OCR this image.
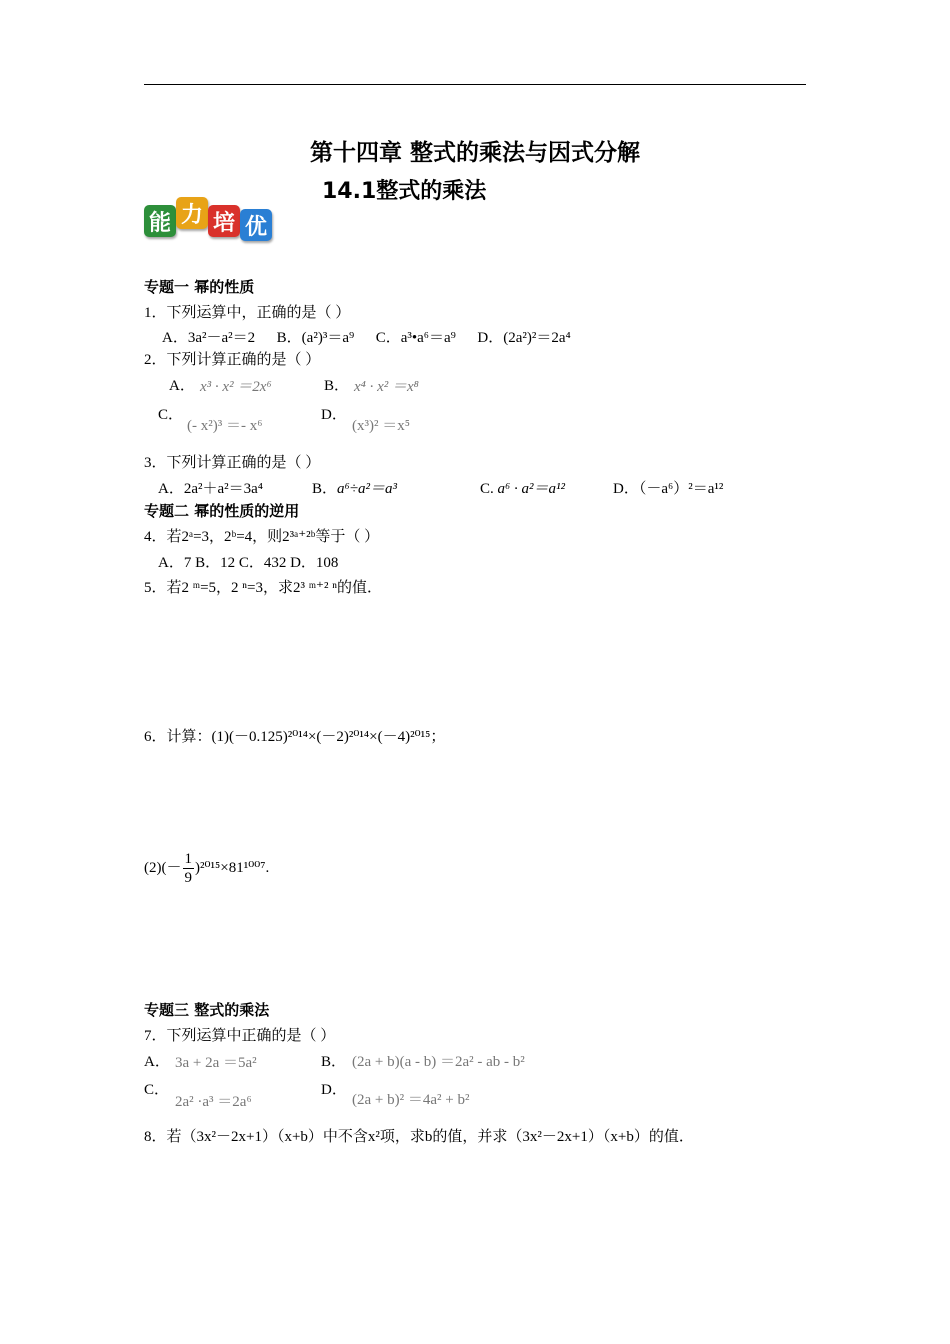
第十四章 整式的乘法与因式分解
14.1整式的乘法
能 力 培 优
专题一 幂的性质
1．下列运算中，正确的是（ ）
A．3a²－a²＝2 B．(a²)³＝a⁹ C．a³•a⁶＝a⁹ D．(2a²)²＝2a⁴
2．下列计算正确的是（ ）
A． x³ · x² ＝2x⁶	B． x⁴ · x² ＝x⁸
C．
(- x²)³ ＝- x⁶
D．
(x³)² ＝x⁵
3．下列计算正确的是（ ）
A．2a²＋a²＝3a⁴	B．a⁶÷a²＝a³	C. a⁶ · a²＝a¹²	D．（－a⁶）²＝a¹²
专题二 幂的性质的逆用
4．若2ᵃ=3，2ᵇ=4，则2³ᵃ⁺²ᵇ等于（ ）
A．7 B．12 C．432 D．108
5．若2 ᵐ=5，2 ⁿ=3，求2³ ᵐ⁺² ⁿ的值．
6．计算：(1)(－0.125)²⁰¹⁴×(－2)²⁰¹⁴×(－4)²⁰¹⁵；
$(2)(- \frac{1}{9} )^{2015}\times 81^{1007}$.
专题三 整式的乘法
7．下列运算中正确的是（ ）
A． 3a + 2a ＝5a²	B． (2a + b)(a - b) ＝2a² - ab - b²
C．
2a² ·a³ ＝2a⁶
D．
(2a + b)² ＝4a² + b²
8．若（3x²－2x+1）（x+b）中不含x²项，求b的值，并求（3x²－2x+1）（x+b）的值．
